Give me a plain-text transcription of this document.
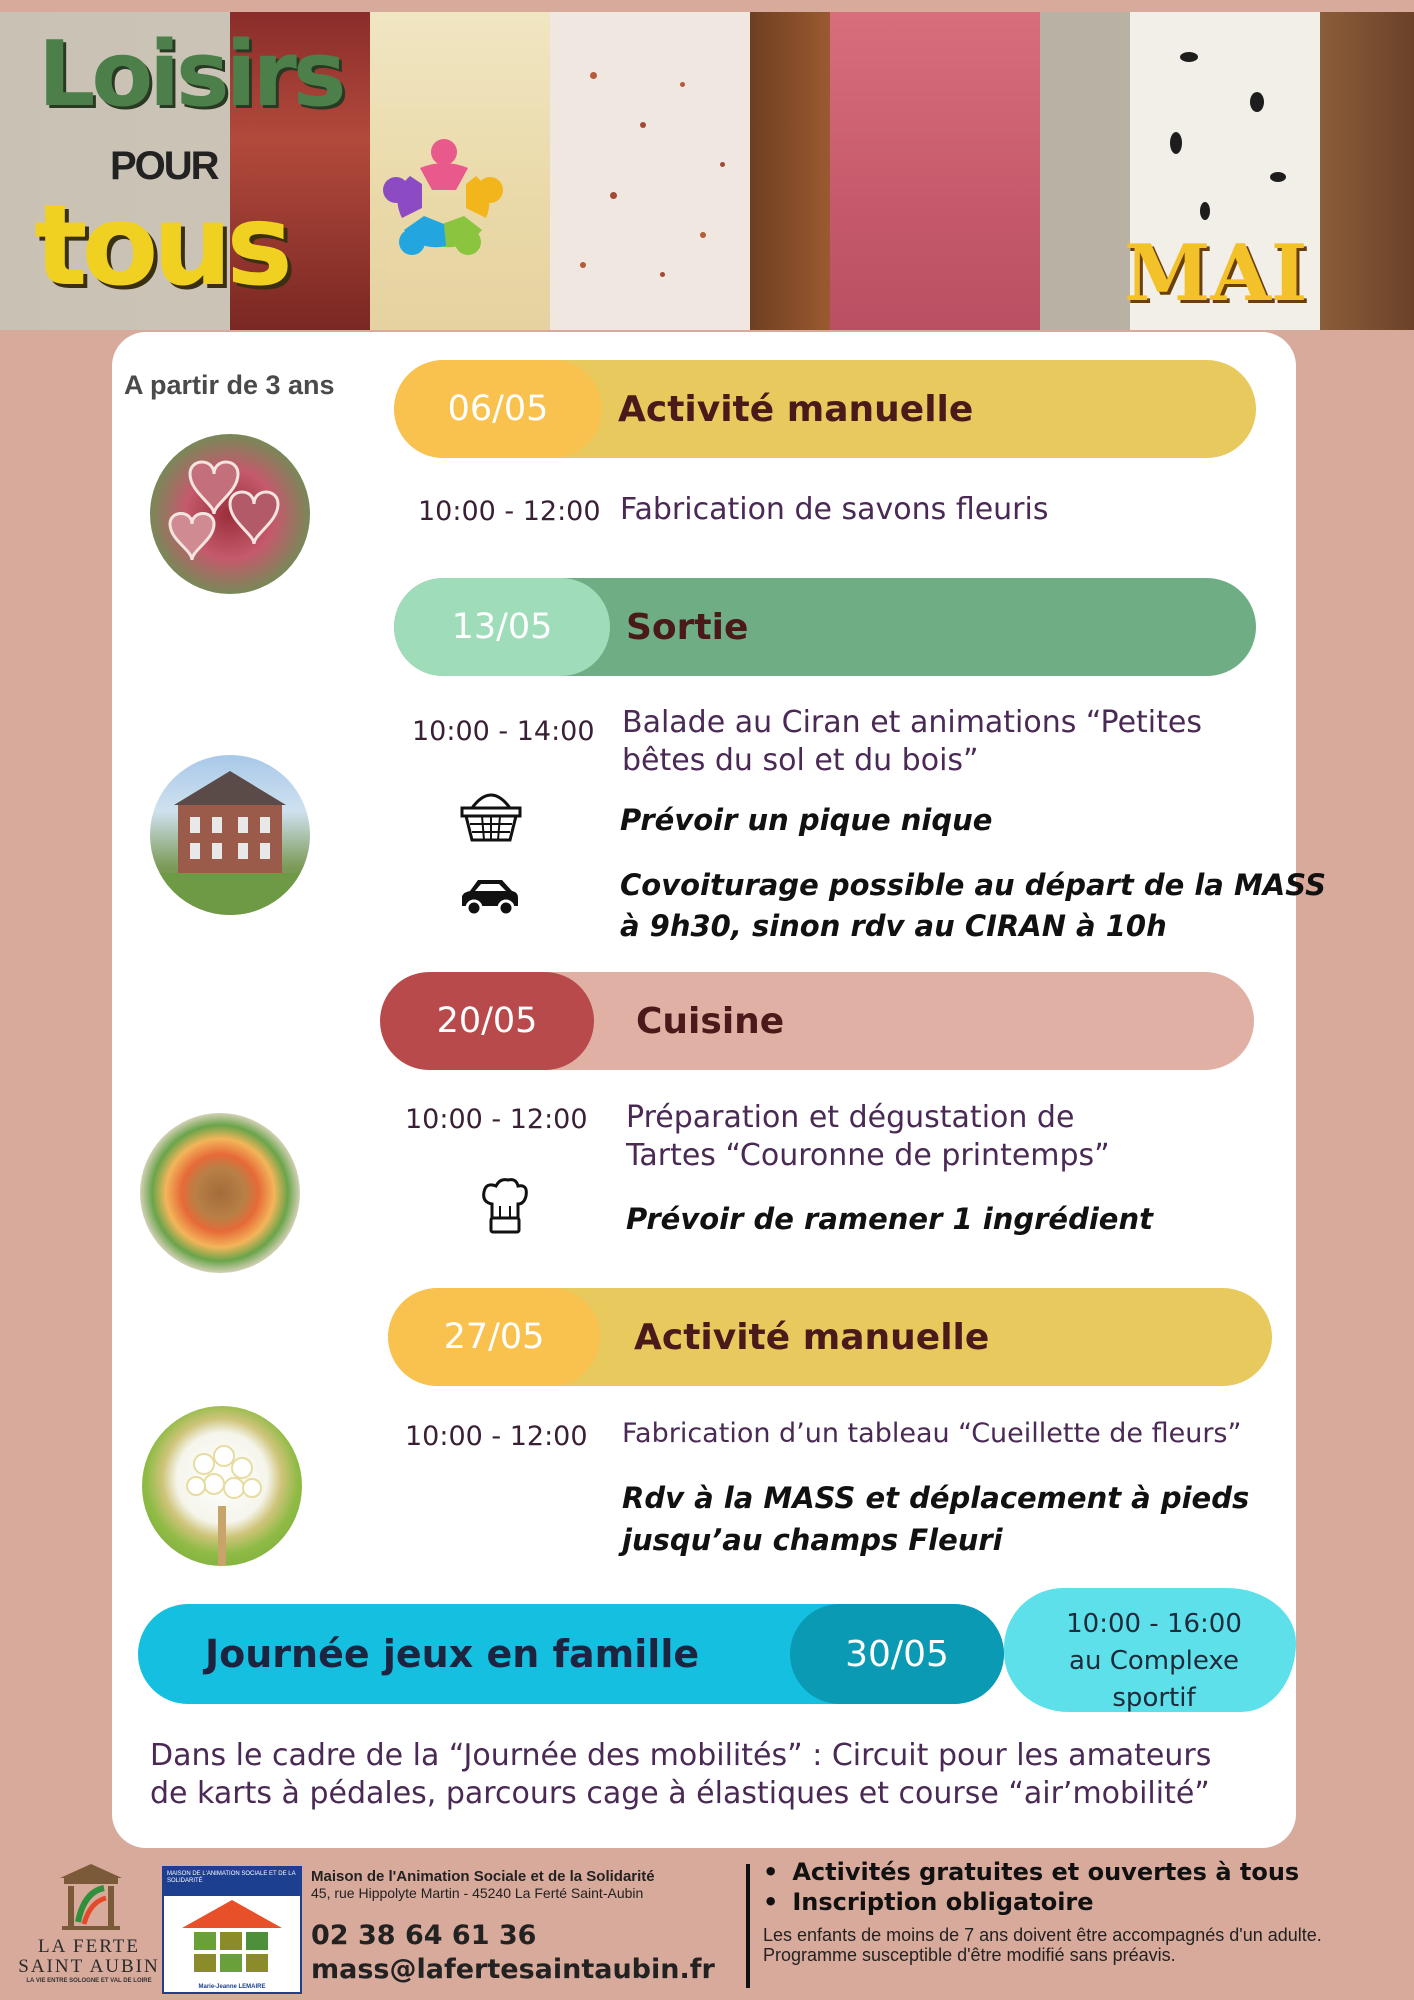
Loisirs
POUR
tous	MAI
A partir de 3 ans
06/05	Activité manuelle
10:00 - 12:00 Fabrication de savons fleuris
13/05	Sortie
10:00 - 14:00 Balade au Ciran et animations “Petites
bêtes du sol et du bois”
Prévoir un pique nique
Covoiturage possible au départ de la MASS
à 9h30, sinon rdv au CIRAN à 10h
20/05	Cuisine
10:00 - 12:00 Préparation et dégustation de
Tartes “Couronne de printemps”
Prévoir de ramener 1 ingrédient
27/05	Activité manuelle
10:00 - 12:00 Fabrication d’un tableau “Cueillette de fleurs”
Rdv à la MASS et déplacement à pieds
jusqu’au champs Fleuri
Journée jeux en famille	30/05
10:00 - 16:00
au Complexe
sportif
Dans le cadre de la “Journée des mobilités” : Circuit pour les amateurs
de karts à pédales, parcours cage à élastiques et course “air’mobilité”
LA FERTE
SAINT AUBIN
LA VIE ENTRE SOLOGNE ET VAL DE LOIRE
MAISON DE L'ANIMATION SOCIALE ET DE LA SOLIDARITÉ
Marie-Jeanne LEMAIRE
Maison de l'Animation Sociale et de la Solidarité
45, rue Hippolyte Martin - 45240 La Ferté Saint-Aubin
02 38 64 61 36
mass@lafertesaintaubin.fr
• Activités gratuites et ouvertes à tous
• Inscription obligatoire
Les enfants de moins de 7 ans doivent être accompagnés d'un adulte. Programme susceptible d'être modifié sans préavis.
